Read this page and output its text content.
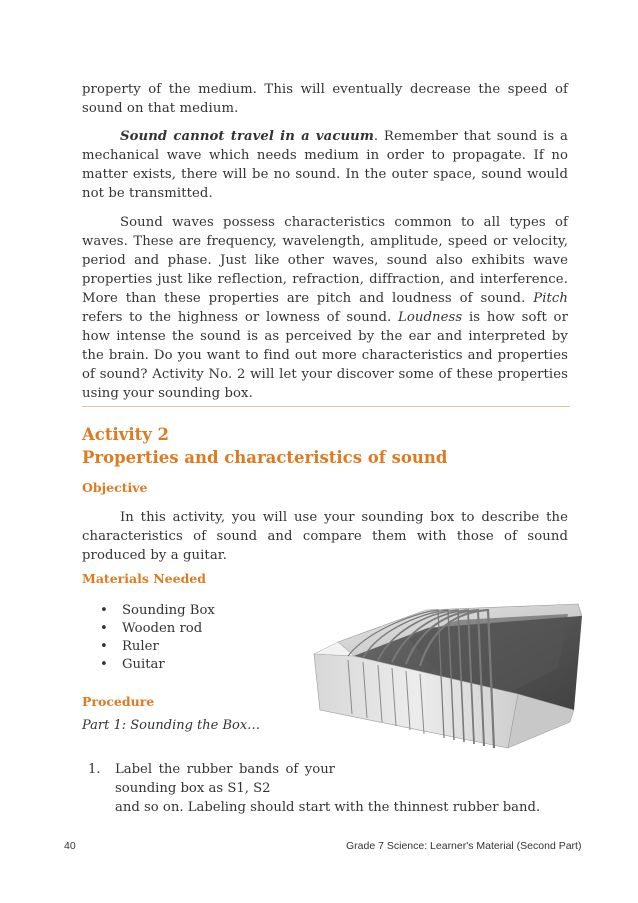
property of the medium. This will eventually decrease the speed of sound on that medium.
Sound cannot travel in a vacuum. Remember that sound is a mechanical wave which needs medium in order to propagate. If no matter exists, there will be no sound. In the outer space, sound would not be transmitted.
Sound waves possess characteristics common to all types of waves. These are frequency, wavelength, amplitude, speed or velocity, period and phase. Just like other waves, sound also exhibits wave properties just like reflection, refraction, diffraction, and interference. More than these properties are pitch and loudness of sound. Pitch refers to the highness or lowness of sound. Loudness is how soft or how intense the sound is as perceived by the ear and interpreted by the brain. Do you want to find out more characteristics and properties of sound? Activity No. 2 will let your discover some of these properties using your sounding box.
Activity 2
Properties and characteristics of sound
Objective
In this activity, you will use your sounding box to describe the characteristics of sound and compare them with those of sound produced by a guitar.
Materials Needed
• Sounding Box
• Wooden rod
• Ruler
• Guitar
Procedure
Part 1: Sounding the Box…
1. Label the rubber bands of your sounding box as S1, S2
and so on. Labeling should start with the thinnest rubber band.
40	Grade 7 Science: Learner's Material (Second Part)
